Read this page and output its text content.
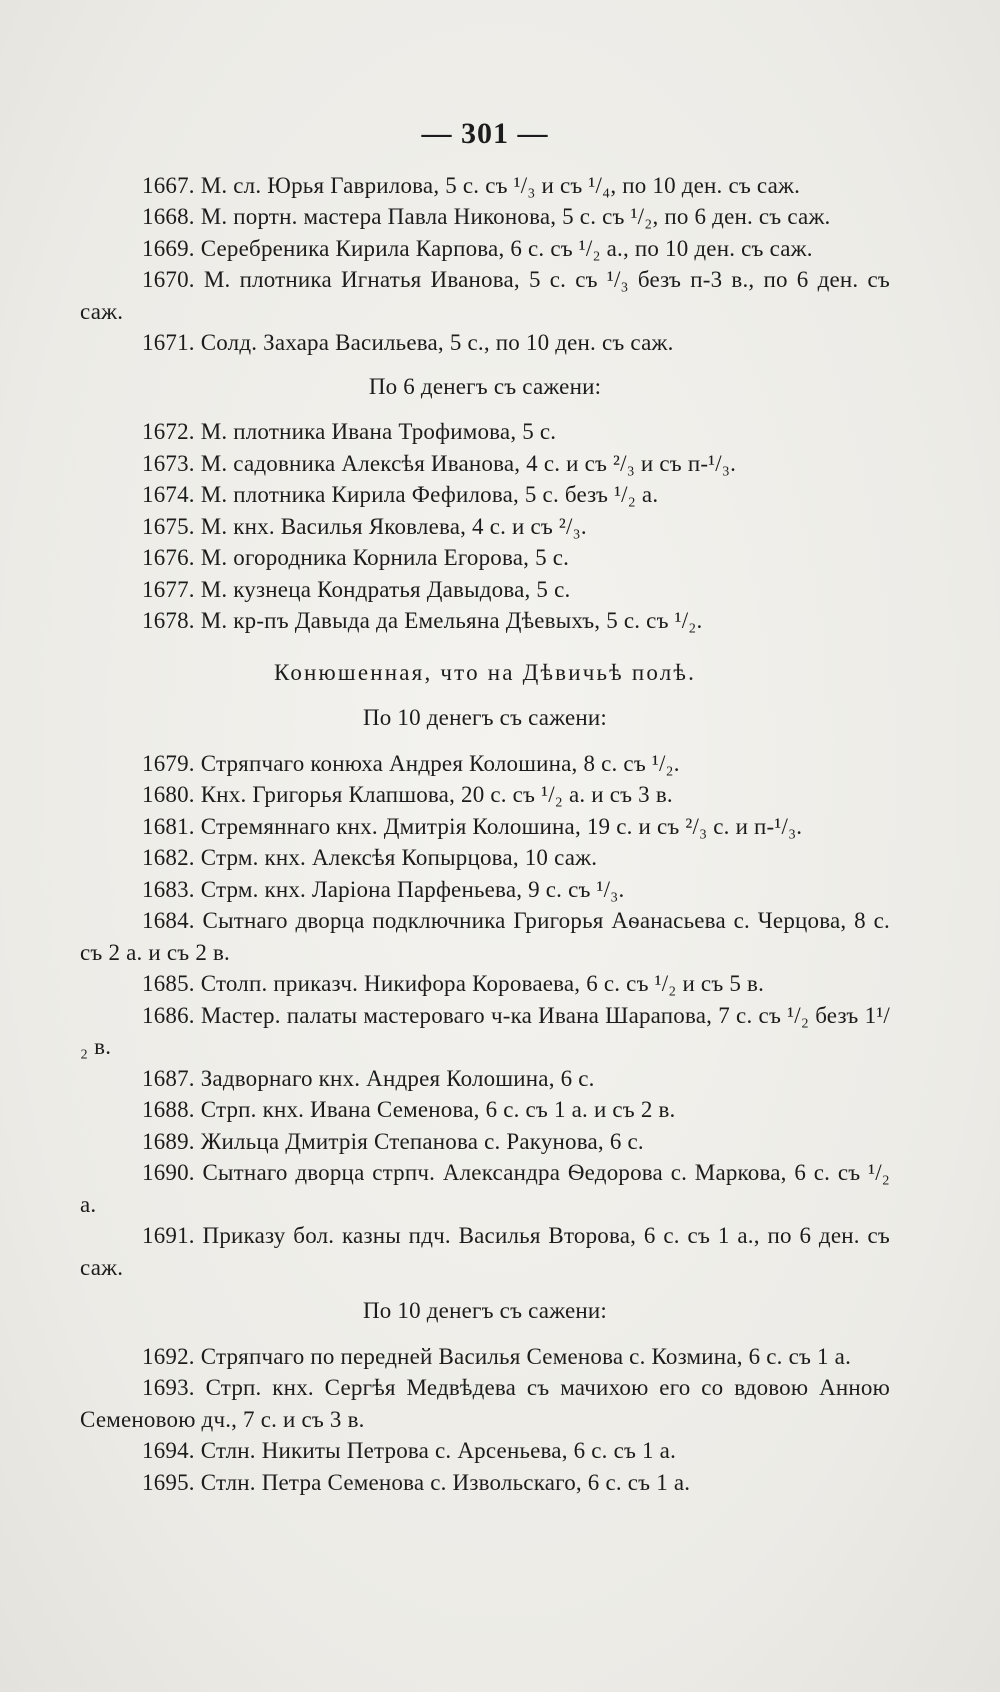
— 301 —

1667. М. сл. Юрья Гаврилова, 5 с. съ ¹/₃ и съ ¹/₄, по 10 ден. съ саж.

1668. М. портн. мастера Павла Никонова, 5 с. съ ¹/₂, по 6 ден. съ саж.

1669. Серебреника Кирила Карпова, 6 с. съ ¹/₂ а., по 10 ден. съ саж.

1670. М. плотника Игнатья Иванова, 5 с. съ ¹/₃ безъ п-3 в., по 6 ден. съ саж.

1671. Солд. Захара Васильева, 5 с., по 10 ден. съ саж.

По 6 денегъ съ сажени:

1672. М. плотника Ивана Трофимова, 5 с.

1673. М. садовника Алексѣя Иванова, 4 с. и съ ²/₃ и съ п-¹/₃.

1674. М. плотника Кирила Фефилова, 5 с. безъ ¹/₂ а.

1675. М. кнх. Василья Яковлева, 4 с. и съ ²/₃.

1676. М. огородника Корнила Егорова, 5 с.

1677. М. кузнеца Кондратья Давыдова, 5 с.

1678. М. кр-пъ Давыда да Емельяна Дѣевыхъ, 5 с. съ ¹/₂.

Конюшенная, что на Дѣвичьѣ полѣ.
По 10 денегъ съ сажени:

1679. Стряпчаго конюха Андрея Колошина, 8 с. съ ¹/₂.

1680. Кнх. Григорья Клапшова, 20 с. съ ¹/₂ а. и съ 3 в.

1681. Стремяннаго кнх. Дмитрія Колошина, 19 с. и съ ²/₃ с. и п-¹/₃.

1682. Стрм. кнх. Алексѣя Копырцова, 10 саж.

1683. Стрм. кнх. Ларіона Парфеньева, 9 с. съ ¹/₃.

1684. Сытнаго дворца подключника Григорья Аѳанасьева с. Черцова, 8 с. съ 2 а. и съ 2 в.

1685. Столп. приказч. Никифора Короваева, 6 с. съ ¹/₂ и съ 5 в.

1686. Мастер. палаты мастероваго ч-ка Ивана Шарапова, 7 с. съ ¹/₂ безъ 1¹/₂ в.

1687. Задворнаго кнх. Андрея Колошина, 6 с.

1688. Стрп. кнх. Ивана Семенова, 6 с. съ 1 а. и съ 2 в.

1689. Жильца Дмитрія Степанова с. Ракунова, 6 с.

1690. Сытнаго дворца стрпч. Александра Ѳедорова с. Маркова, 6 с. съ ¹/₂ а.

1691. Приказу бол. казны пдч. Василья Второва, 6 с. съ 1 а., по 6 ден. съ саж.

По 10 денегъ съ сажени:

1692. Стряпчаго по передней Василья Семенова с. Козмина, 6 с. съ 1 а.

1693. Стрп. кнх. Сергѣя Медвѣдева съ мачихою его со вдовою Анною Семеновою дч., 7 с. и съ 3 в.

1694. Стлн. Никиты Петрова с. Арсеньева, 6 с. съ 1 а.

1695. Стлн. Петра Семенова с. Извольскаго, 6 с. съ 1 а.
